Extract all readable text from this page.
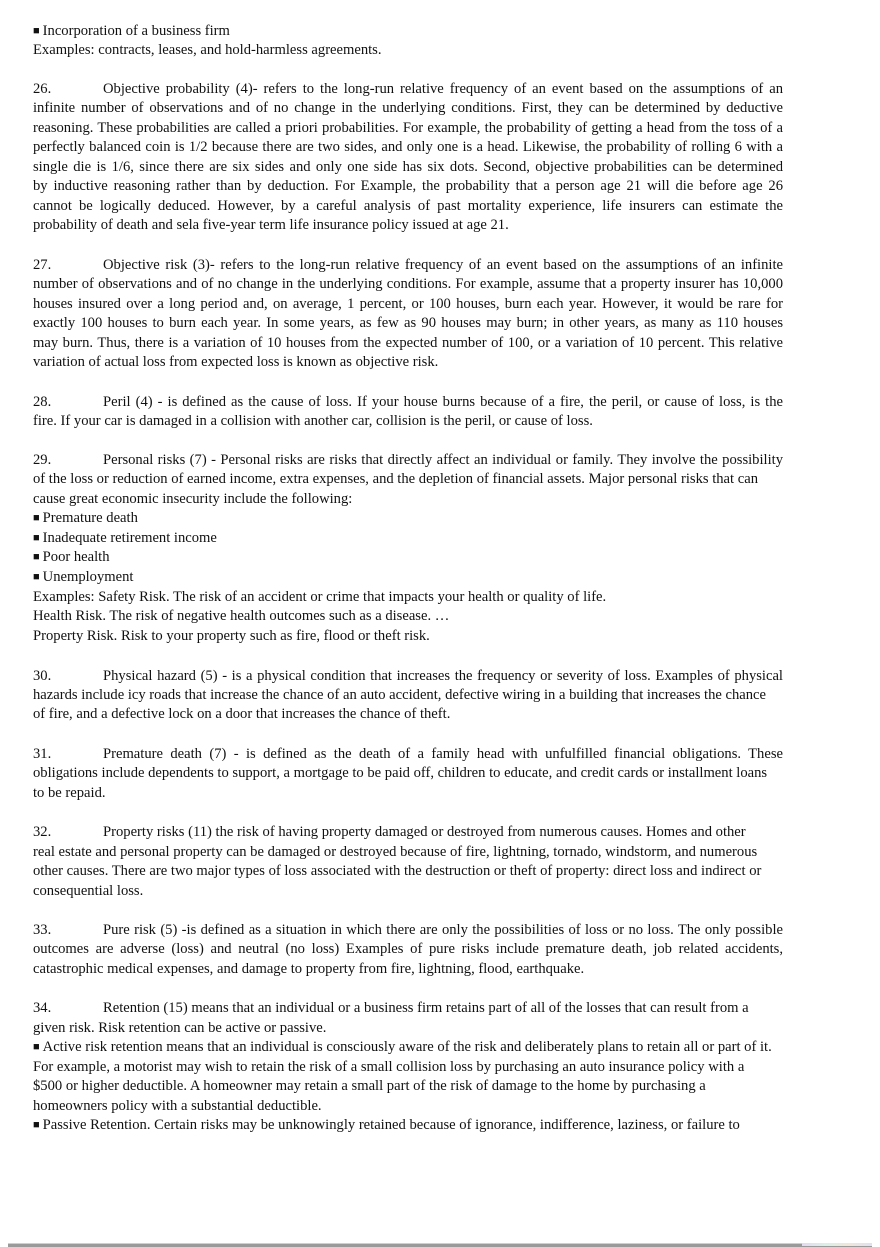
■ Incorporation of a business firm
Examples: contracts, leases, and hold-harmless agreements.
26.	Objective probability (4)- refers to the long-run relative frequency of an event based on the assumptions of an
infinite number of observations and of no change in the underlying conditions. First, they can be determined by deductive
reasoning. These probabilities are called a priori probabilities. For example, the probability of getting a head from the toss of a
perfectly balanced coin is 1/2 because there are two sides, and only one is a head. Likewise, the probability of rolling 6 with a
single die is 1/6, since there are six sides and only one side has six dots. Second, objective probabilities can be determined
by inductive reasoning rather than by deduction. For Example, the probability that a person age 21 will die before age 26
cannot be logically deduced. However, by a careful analysis of past mortality experience, life insurers can estimate the
probability of death and sela five-year term life insurance policy issued at age 21.
27.	Objective risk (3)- refers to the long-run relative frequency of an event based on the assumptions of an infinite
number of observations and of no change in the underlying conditions. For example, assume that a property insurer has 10,000
houses insured over a long period and, on average, 1 percent, or 100 houses, burn each year. However, it would be rare for
exactly 100 houses to burn each year. In some years, as few as 90 houses may burn; in other years, as many as 110 houses
may burn. Thus, there is a variation of 10 houses from the expected number of 100, or a variation of 10 percent. This relative
variation of actual loss from expected loss is known as objective risk.
28.	Peril (4) - is defined as the cause of loss. If your house burns because of a fire, the peril, or cause of loss, is the
fire. If your car is damaged in a collision with another car, collision is the peril, or cause of loss.
29.	Personal risks (7) - Personal risks are risks that directly affect an individual or family. They involve the possibility
of the loss or reduction of earned income, extra expenses, and the depletion of financial assets. Major personal risks that can
cause great economic insecurity include the following:
■ Premature death
■ Inadequate retirement income
■ Poor health
■ Unemployment
Examples: Safety Risk. The risk of an accident or crime that impacts your health or quality of life.
Health Risk. The risk of negative health outcomes such as a disease. …
Property Risk. Risk to your property such as fire, flood or theft risk.
30.	Physical hazard (5) - is a physical condition that increases the frequency or severity of loss. Examples of physical
hazards include icy roads that increase the chance of an auto accident, defective wiring in a building that increases the chance
of fire, and a defective lock on a door that increases the chance of theft.
31.	Premature death (7) - is defined as the death of a family head with unfulfilled financial obligations. These
obligations include dependents to support, a mortgage to be paid off, children to educate, and credit cards or installment loans
to be repaid.
32.	Property risks (11) the risk of having property damaged or destroyed from numerous causes. Homes and other
real estate and personal property can be damaged or destroyed because of fire, lightning, tornado, windstorm, and numerous
other causes. There are two major types of loss associated with the destruction or theft of property: direct loss and indirect or
consequential loss.
33.	Pure risk (5) -is defined as a situation in which there are only the possibilities of loss or no loss. The only possible
outcomes are adverse (loss) and neutral (no loss) Examples of pure risks include premature death, job related accidents,
catastrophic medical expenses, and damage to property from fire, lightning, flood, earthquake.
34.	Retention (15) means that an individual or a business firm retains part of all of the losses that can result from a
given risk. Risk retention can be active or passive.
■ Active risk retention means that an individual is consciously aware of the risk and deliberately plans to retain all or part of it.
For example, a motorist may wish to retain the risk of a small collision loss by purchasing an auto insurance policy with a
$500 or higher deductible. A homeowner may retain a small part of the risk of damage to the home by purchasing a
homeowners policy with a substantial deductible.
■ Passive Retention. Certain risks may be unknowingly retained because of ignorance, indifference, laziness, or failure to
